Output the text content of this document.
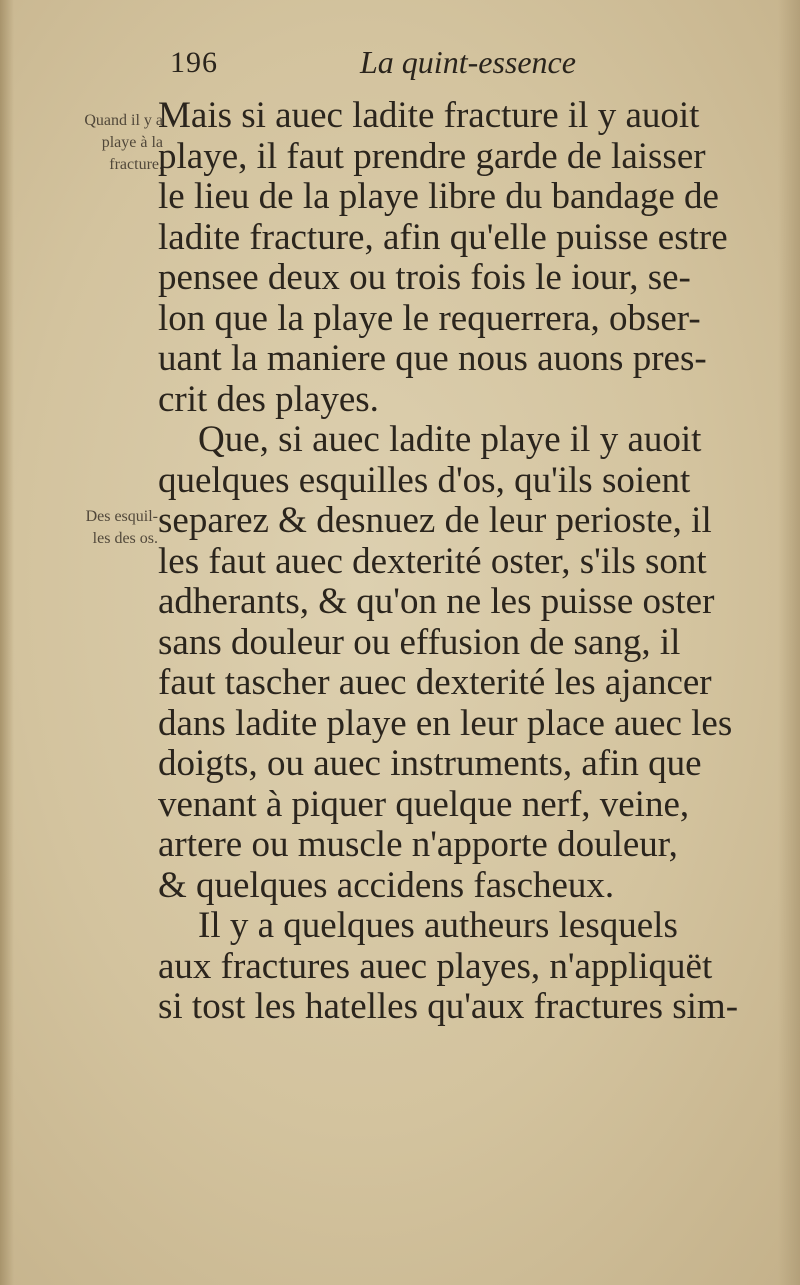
196	La quint-essence
Quand il y a
playe à la
fracture.
Des esquil-
les des os.
Mais si auec ladite fracture il y auoit
playe, il faut prendre garde de laisser
le lieu de la playe libre du bandage de
ladite fracture, afin qu'elle puisse estre
pensee deux ou trois fois le iour, se-
lon que la playe le requerrera, obser-
uant la maniere que nous auons pres-
crit des playes.
Que, si auec ladite playe il y auoit
quelques esquilles d'os, qu'ils soient
separez & desnuez de leur perioste, il
les faut auec dexterité oster, s'ils sont
adherants, & qu'on ne les puisse oster
sans douleur ou effusion de sang, il
faut tascher auec dexterité les ajancer
dans ladite playe en leur place auec les
doigts, ou auec instruments, afin que
venant à piquer quelque nerf, veine,
artere ou muscle n'apporte douleur,
& quelques accidens fascheux.
Il y a quelques autheurs lesquels
aux fractures auec playes, n'appliquët
si tost les hatelles qu'aux fractures sim-
